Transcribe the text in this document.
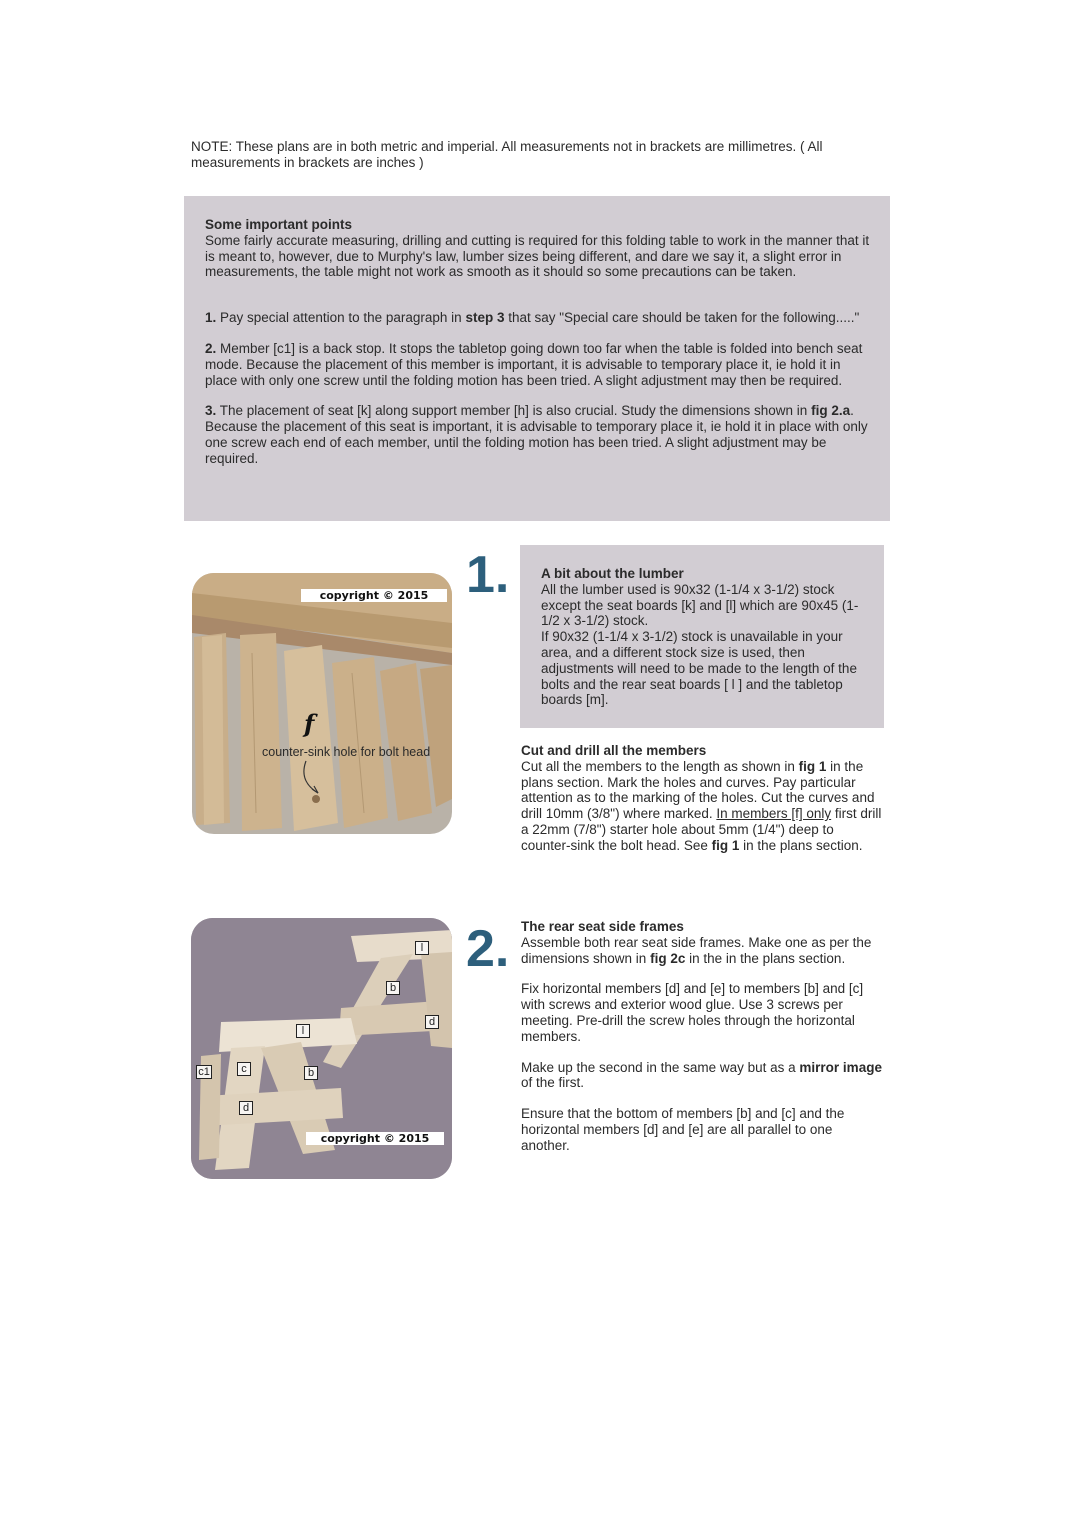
NOTE: These plans are in both metric and imperial. All measurements not in brackets are millimetres. ( All measurements in brackets are inches )

Some important points

Some fairly accurate measuring, drilling and cutting is required for this folding table to work in the manner that it is meant to, however, due to Murphy's law, lumber sizes being different, and dare we say it, a slight error in measurements, the table might not work as smooth as it should so some precautions can be taken.

1. Pay special attention to the paragraph in step 3 that say "Special care should be taken for the following....."

2. Member [c1] is a back stop. It stops the tabletop going down too far when the table is folded into bench seat mode. Because the placement of this member is important, it is advisable to temporary place it, ie hold it in place with only one screw until the folding motion has been tried. A slight adjustment may then be required.

3. The placement of seat [k] along support member [h] is also crucial. Study the dimensions shown in fig 2.a. Because the placement of this seat is important, it is advisable to temporary place it, ie hold it in place with only one screw each end of each member, until the folding motion has been tried. A slight adjustment may be required.

copyright © 2015
f
counter-sink hole for bolt head
1. A bit about the lumber

All the lumber used is 90x32 (1-1/4 x 3-1/2) stock except the seat boards [k] and [l] which are 90x45 (1-1/2 x 3-1/2) stock.

If 90x32 (1-1/4 x 3-1/2) stock is unavailable in your area, and a different stock size is used, then adjustments will need to be made to the length of the bolts and the rear seat boards [ l ] and the tabletop boards [m].

Cut and drill all the members

Cut all the members to the length as shown in fig 1 in the plans section. Mark the holes and curves. Pay particular attention as to the marking of the holes. Cut the curves and drill 10mm (3/8") where marked. In members [f] only first drill a 22mm (7/8") starter hole about 5mm (1/4") deep to counter-sink the bolt head. See fig 1 in the plans section.

l
b
d
l
c1	c	b
d
copyright © 2015
2. The rear seat side frames

Assemble both rear seat side frames. Make one as per the dimensions shown in fig 2c in the in the plans section.

Fix horizontal members [d] and [e] to members [b] and [c] with screws and exterior wood glue. Use 3 screws per meeting. Pre-drill the screw holes through the horizontal members.

Make up the second in the same way but as a mirror image of the first.

Ensure that the bottom of members [b] and [c] and the horizontal members [d] and [e] are all parallel to one another.
